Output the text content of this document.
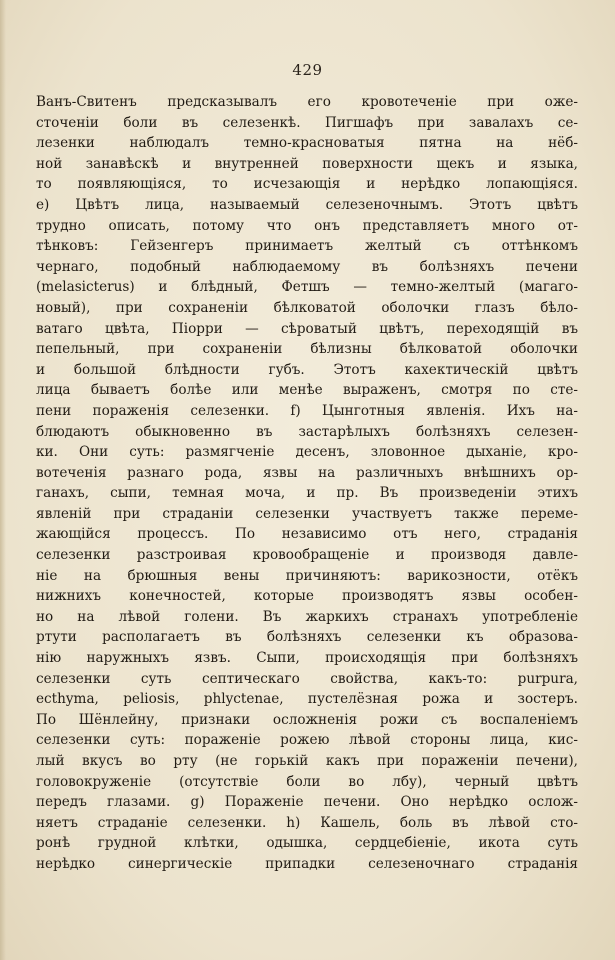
429
Ванъ-Свитенъ предсказывалъ его кровотеченіе при оже-
сточеніи боли въ селезенкѣ. Пигшафъ при завалахъ се-
лезенки наблюдалъ темно-красноватыя пятна на нёб-
ной занавѣскѣ и внутренней поверхности щекъ и языка,
то появляющіяся, то исчезающія и нерѣдко лопающіяся.
е) Цвѣтъ лица, называемый селезеночнымъ. Этотъ цвѣтъ
трудно описать, потому что онъ представляетъ много от-
тѣнковъ: Гейзенгеръ принимаетъ желтый съ оттѣнкомъ
чернаго, подобный наблюдаемому въ болѣзняхъ печени
(melasicterus) и блѣдный, Фетшъ — темно-желтый (магаго-
новый), при сохраненіи бѣлковатой оболочки глазъ бѣло-
ватаго цвѣта, Піорри — сѣроватый цвѣтъ, переходящій въ
пепельный, при сохраненіи бѣлизны бѣлковатой оболочки
и большой блѣдности губъ. Этотъ кахектическій цвѣтъ
лица бываетъ болѣе или менѣе выраженъ, смотря по сте-
пени пораженія селезенки. f) Цынготныя явленія. Ихъ на-
блюдаютъ обыкновенно въ застарѣлыхъ болѣзняхъ селезен-
ки. Они суть: размягченіе десенъ, зловонное дыханіе, кро-
вотеченія разнаго рода, язвы на различныхъ внѣшнихъ ор-
ганахъ, сыпи, темная моча, и пр. Въ произведеніи этихъ
явленій при страданіи селезенки участвуетъ также переме-
жающійся процессъ. По независимо отъ него, страданія
селезенки разстроивая кровообращеніе и производя давле-
ніе на брюшныя вены причиняютъ: варикозности, отёкъ
нижнихъ конечностей, которые производятъ язвы особен-
но на лѣвой голени. Въ жаркихъ странахъ употребленіе
ртути располагаетъ въ болѣзняхъ селезенки къ образова-
нію наружныхъ язвъ. Сыпи, происходящія при болѣзняхъ
селезенки суть септическаго свойства, какъ-то: purpura,
ecthyma, peliosis, phlyctenae, пустелёзная рожа и зостеръ.
По Шёнлейну, признаки осложненія рожи съ воспаленіемъ
селезенки суть: пораженіе рожею лѣвой стороны лица, кис-
лый вкусъ во рту (не горькій какъ при пораженіи печени),
головокруженіе (отсутствіе боли во лбу), черный цвѣтъ
передъ глазами. g) Пораженіе печени. Оно нерѣдко ослож-
няетъ страданіе селезенки. h) Кашель, боль въ лѣвой сто-
ронѣ грудной клѣтки, одышка, сердцебіеніе, икота суть
нерѣдко синергическіе припадки селезеночнаго страданія
